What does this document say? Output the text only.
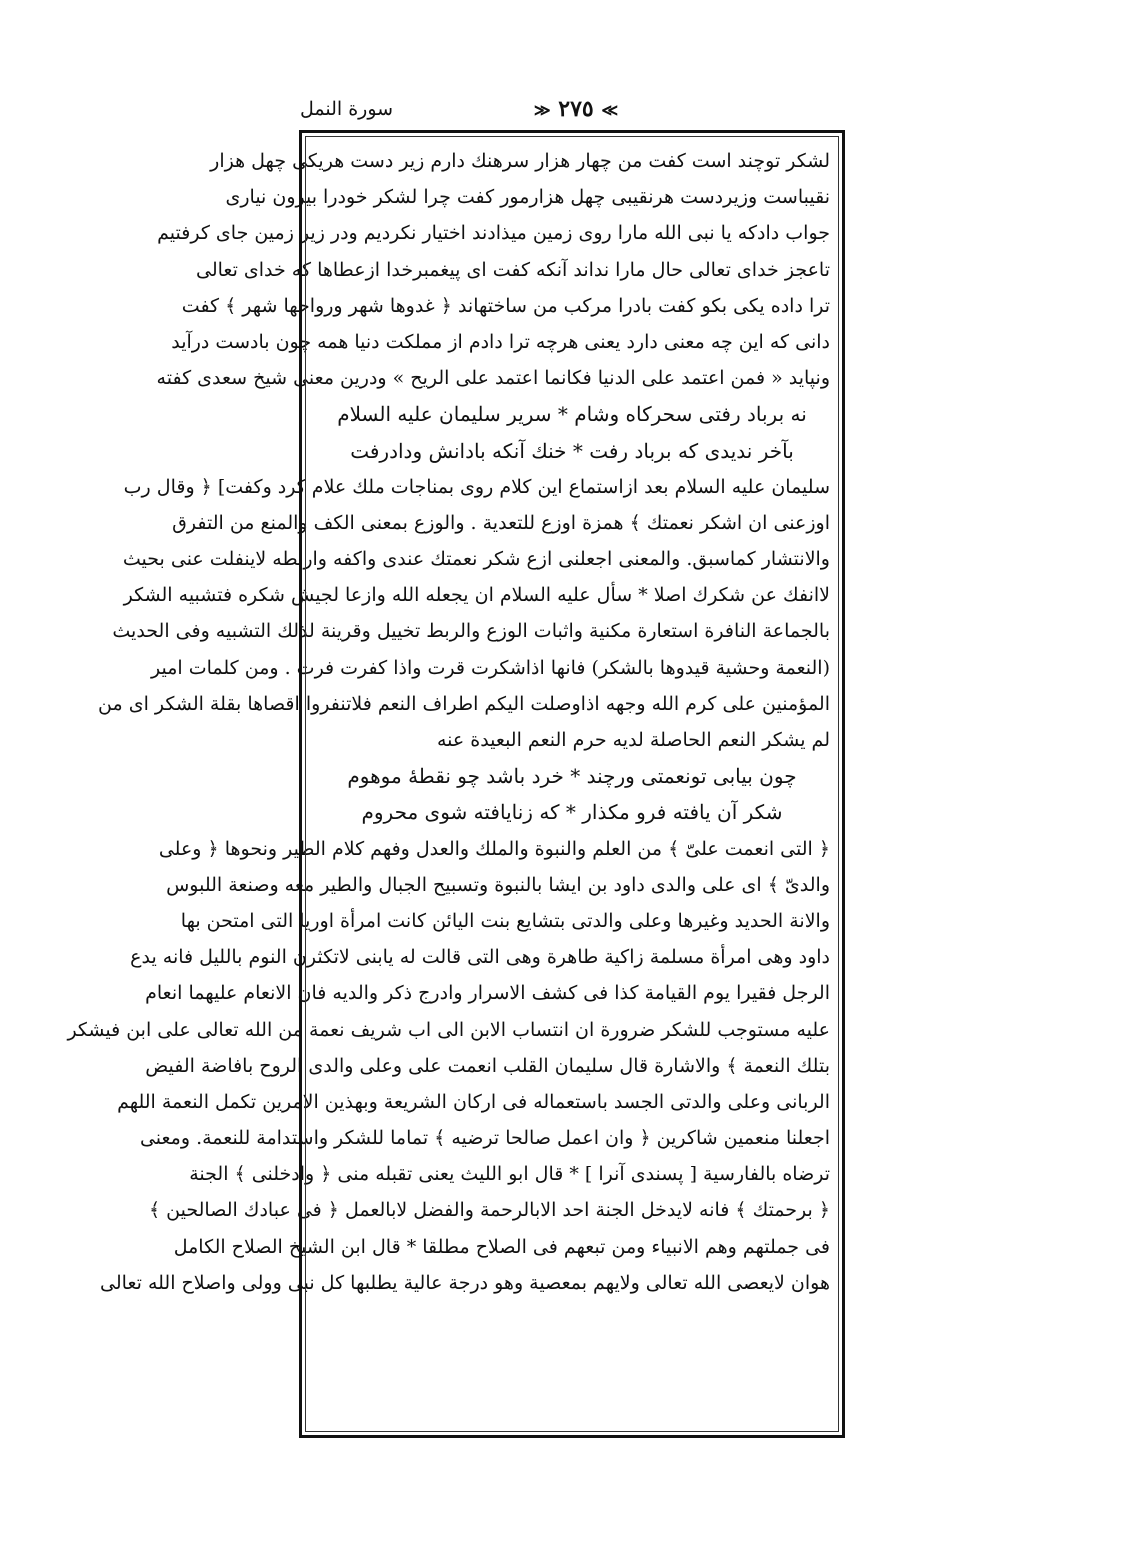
سورة النمل	≫ ٢٧٥ ≪
لشکر توچند است کفت من چهار هزار سرهنك دارم زیر دست هریکی چهل هزار
نقیباست وزیردست هرنقیبی چهل هزارمور کفت چرا لشکر خودرا بیرون نیاری
جواب دادکه یا نبی الله مارا روی زمین میذادند اختیار نکردیم ودر زیر زمین جای کرفتیم
تاعجز خدای تعالی حال مارا نداند آنکه کفت ای پیغمبرخدا ازعطاها که خدای تعالی
ترا داده یکی بکو کفت بادرا مرکب من ساختهاند ﴿ غدوها شهر ورواحها شهر ﴾ کفت
دانی که این چه معنی دارد یعنی هرچه ترا دادم از مملکت دنیا همه چون بادست درآید
ونپاید « فمن اعتمد علی الدنیا فکانما اعتمد علی الریح » ودرین معنی شیخ سعدی کفته
نه برباد رفتی سحرکاه وشام * سریر سلیمان علیه السلام
بآخر ندیدی که برباد رفت * خنك آنکه بادانش ودادرفت
سلیمان علیه السلام بعد ازاستماع این کلام روی بمناجات ملك علام کرد وکفت] ﴿ وقال رب
اوزعنی ان اشکر نعمتك ﴾ همزة اوزع للتعدية . والوزع بمعنى الكف والمنع من التفرق
والانتشار كماسبق. والمعنى اجعلنى ازع شكر نعمتك عندى واكفه واربطه لاينفلت عنى بحيث
لاانفك عن شكرك اصلا * سأل عليه السلام ان يجعله الله وازعا لجيش شكره فتشبيه الشكر
بالجماعة النافرة استعارة مكنية واثبات الوزع والربط تخييل وقرينة لذلك التشبيه وفى الحديث
(النعمة وحشية قيدوها بالشكر) فانها اذاشكرت قرت واذا كفرت فرت . ومن كلمات امير
المؤمنين على كرم الله وجهه اذاوصلت اليكم اطراف النعم فلاتنفروا اقصاها بقلة الشكر اى من
لم يشكر النعم الحاصلة لديه حرم النعم البعيدة عنه
چون بیابی تونعمتی ورچند * خرد باشد چو نقطهٔ موهوم
شکر آن یافته فرو مکذار * که زنایافته شوی محروم
﴿ التى انعمت علىّ ﴾ من العلم والنبوة والملك والعدل وفهم كلام الطير ونحوها ﴿ وعلى
والدىّ ﴾ اى على والدى داود بن ايشا بالنبوة وتسبيح الجبال والطير معه وصنعة اللبوس
والانة الحديد وغيرها وعلى والدتى بتشايع بنت اليائن كانت امرأة اوريا التى امتحن بها
داود وهى امرأة مسلمة زاكية طاهرة وهى التى قالت له يابنى لاتكثرن النوم بالليل فانه يدع
الرجل فقيرا يوم القيامة كذا فى كشف الاسرار وادرج ذكر والديه فان الانعام عليهما انعام
عليه مستوجب للشكر ضرورة ان انتساب الابن الى اب شريف نعمة من الله تعالى على ابن فيشكر
بتلك النعمة ﴾ والاشارة قال سليمان القلب انعمت على وعلى والدى الروح بافاضة الفيض
الربانى وعلى والدتى الجسد باستعماله فى اركان الشريعة وبهذين الامرين تكمل النعمة اللهم
اجعلنا منعمين شاكرين ﴿ وان اعمل صالحا ترضيه ﴾ تماما للشكر واستدامة للنعمة. ومعنى
ترضاه بالفارسية [ پسندی آنرا ] * قال ابو الليث يعنى تقبله منى ﴿ وادخلنى ﴾ الجنة
﴿ برحمتك ﴾ فانه لايدخل الجنة احد الابالرحمة والفضل لابالعمل ﴿ فى عبادك الصالحين ﴾
فى جملتهم وهم الانبياء ومن تبعهم فى الصلاح مطلقا * قال ابن الشيخ الصلاح الكامل
هوان لايعصى الله تعالى ولايهم بمعصية وهو درجة عالية يطلبها كل نبى وولى واصلاح الله تعالى
